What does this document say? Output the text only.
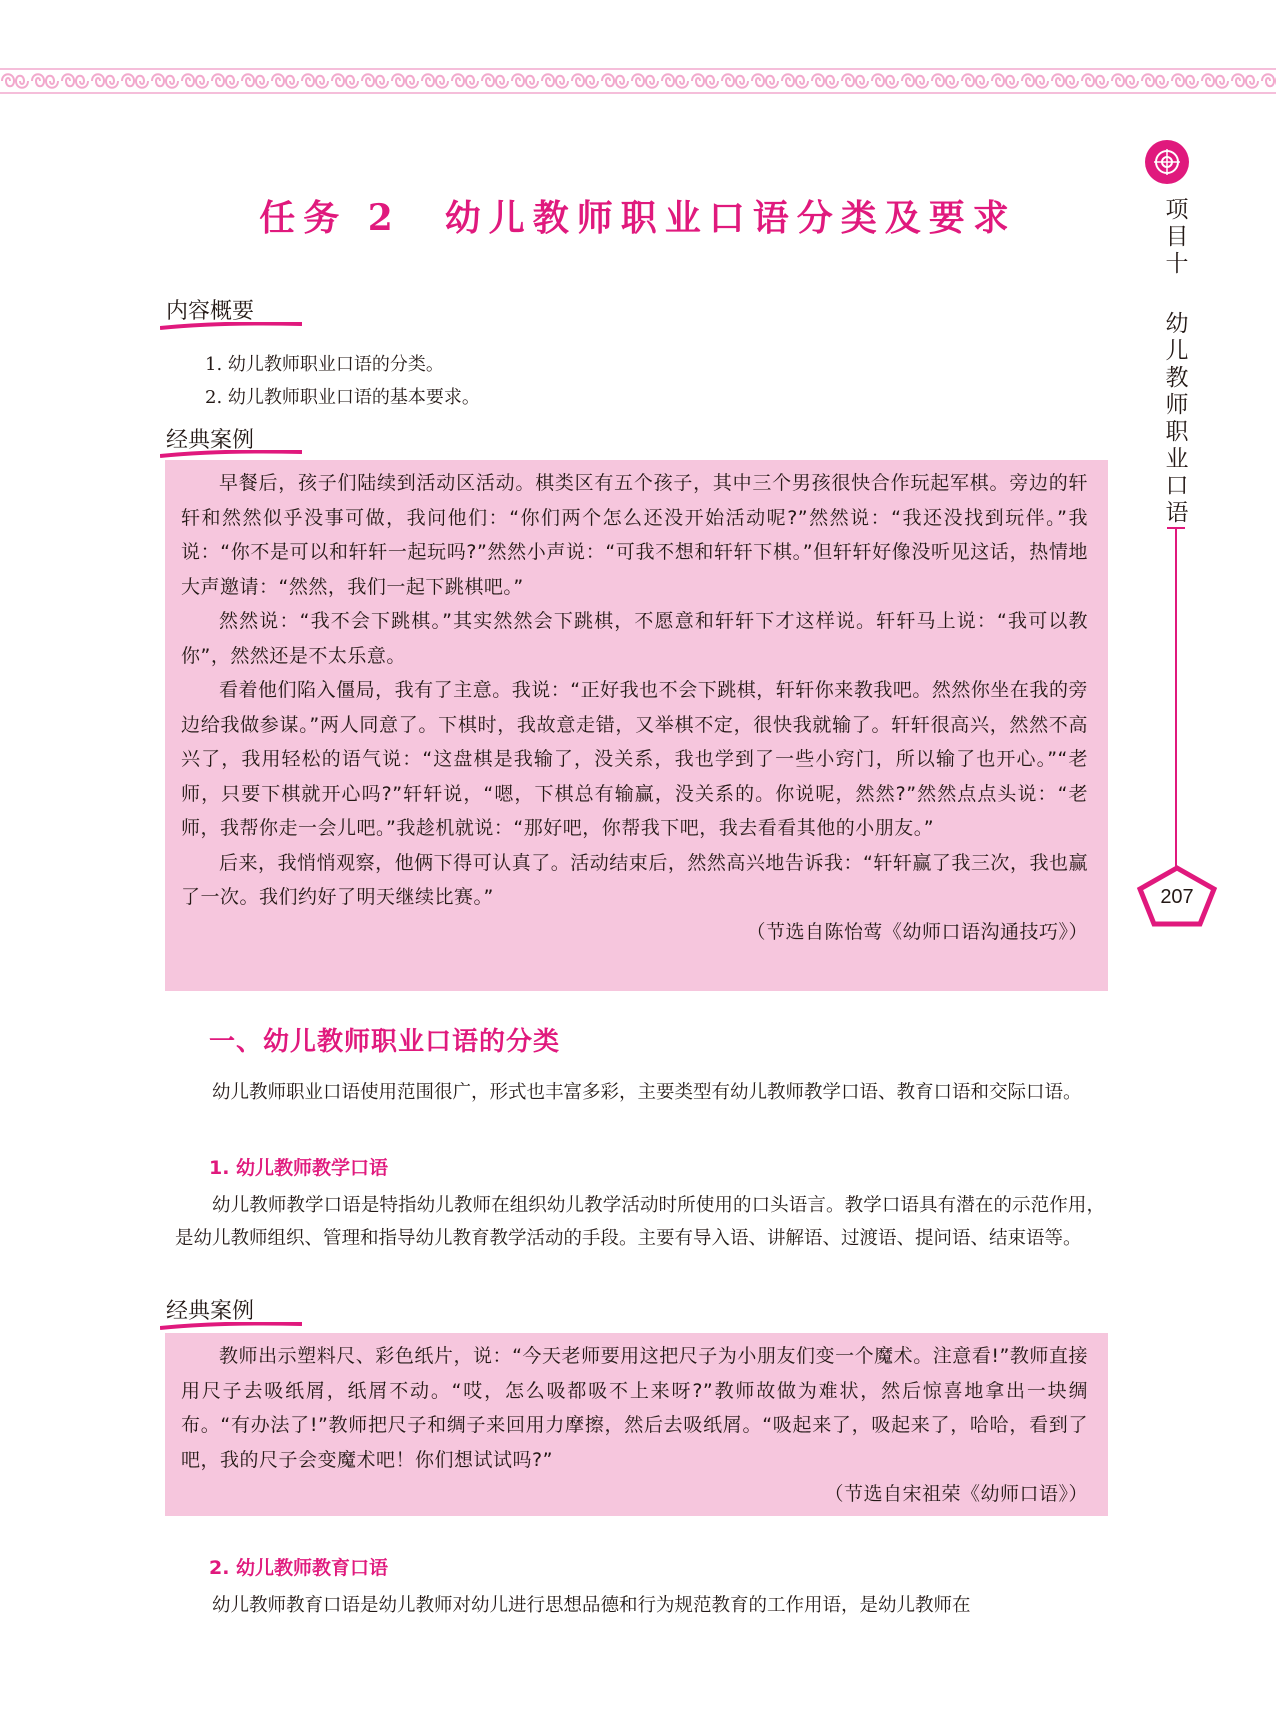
项
目
十
幼
儿
教
师
职
业
口
语
207
任务 2　幼儿教师职业口语分类及要求
内容概要
1. 幼儿教师职业口语的分类。
2. 幼儿教师职业口语的基本要求。
经典案例

早餐后，孩子们陆续到活动区活动。棋类区有五个孩子，其中三个男孩很快合作玩起军棋。旁边的轩轩和然然似乎没事可做，我问他们：“你们两个怎么还没开始活动呢?”然然说：“我还没找到玩伴。”我说：“你不是可以和轩轩一起玩吗?”然然小声说：“可我不想和轩轩下棋。”但轩轩好像没听见这话，热情地大声邀请：“然然，我们一起下跳棋吧。”

然然说：“我不会下跳棋。”其实然然会下跳棋，不愿意和轩轩下才这样说。轩轩马上说：“我可以教你”，然然还是不太乐意。

看着他们陷入僵局，我有了主意。我说：“正好我也不会下跳棋，轩轩你来教我吧。然然你坐在我的旁边给我做参谋。”两人同意了。下棋时，我故意走错，又举棋不定，很快我就输了。轩轩很高兴，然然不高兴了，我用轻松的语气说：“这盘棋是我输了，没关系，我也学到了一些小窍门，所以输了也开心。”“老师，只要下棋就开心吗?”轩轩说，“嗯，下棋总有输赢，没关系的。你说呢，然然?”然然点点头说：“老师，我帮你走一会儿吧。”我趁机就说：“那好吧，你帮我下吧，我去看看其他的小朋友。”

后来，我悄悄观察，他俩下得可认真了。活动结束后，然然高兴地告诉我：“轩轩赢了我三次，我也赢了一次。我们约好了明天继续比赛。”

（节选自陈怡莺《幼师口语沟通技巧》）

一、幼儿教师职业口语的分类

幼儿教师职业口语使用范围很广，形式也丰富多彩，主要类型有幼儿教师教学口语、教育口语和交际口语。

1. 幼儿教师教学口语

幼儿教师教学口语是特指幼儿教师在组织幼儿教学活动时所使用的口头语言。教学口语具有潜在的示范作用，是幼儿教师组织、管理和指导幼儿教育教学活动的手段。主要有导入语、讲解语、过渡语、提问语、结束语等。

经典案例

教师出示塑料尺、彩色纸片，说：“今天老师要用这把尺子为小朋友们变一个魔术。注意看!”教师直接用尺子去吸纸屑，纸屑不动。“哎，怎么吸都吸不上来呀?”教师故做为难状，然后惊喜地拿出一块绸布。“有办法了!”教师把尺子和绸子来回用力摩擦，然后去吸纸屑。“吸起来了，吸起来了，哈哈，看到了吧，我的尺子会变魔术吧！你们想试试吗?”

（节选自宋祖荣《幼师口语》）

2. 幼儿教师教育口语

幼儿教师教育口语是幼儿教师对幼儿进行思想品德和行为规范教育的工作用语，是幼儿教师在
